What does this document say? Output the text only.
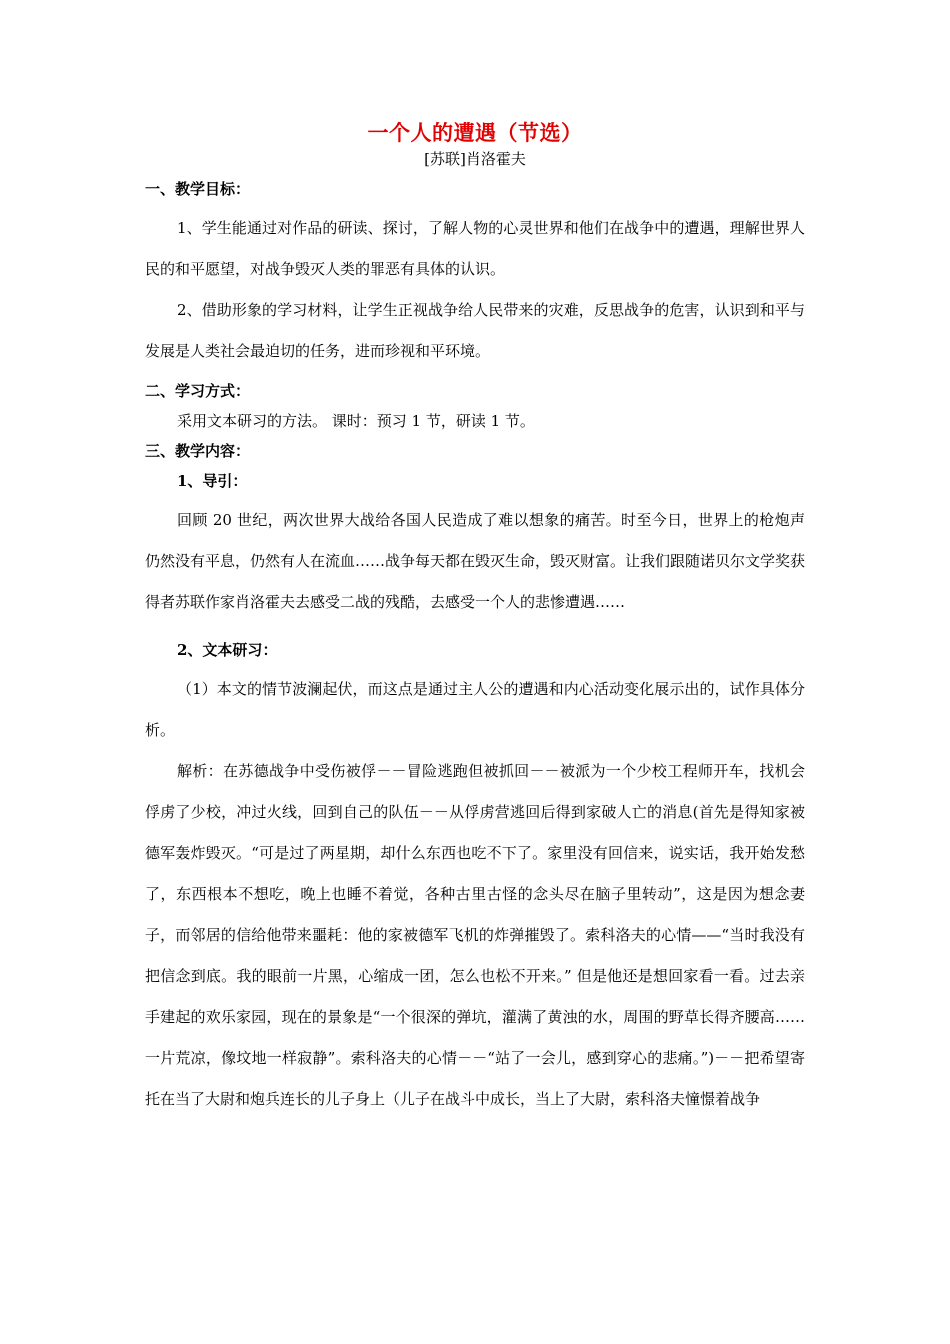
一个人的遭遇（节选）

[苏联]肖洛霍夫

一、教学目标：

1、学生能通过对作品的研读、探讨，了解人物的心灵世界和他们在战争中的遭遇，理解世界人民的和平愿望，对战争毁灭人类的罪恶有具体的认识。

2、借助形象的学习材料，让学生正视战争给人民带来的灾难，反思战争的危害，认识到和平与发展是人类社会最迫切的任务，进而珍视和平环境。

二、学习方式：

采用文本研习的方法。 课时：预习 1 节，研读 1 节。

三、教学内容：

1、导引：

回顾 20 世纪，两次世界大战给各国人民造成了难以想象的痛苦。时至今日，世界上的枪炮声仍然没有平息，仍然有人在流血……战争每天都在毁灭生命，毁灭财富。让我们跟随诺贝尔文学奖获得者苏联作家肖洛霍夫去感受二战的残酷，去感受一个人的悲惨遭遇……

2、文本研习：

（1）本文的情节波澜起伏，而这点是通过主人公的遭遇和内心活动变化展示出的，试作具体分析。

解析：在苏德战争中受伤被俘－－冒险逃跑但被抓回－－被派为一个少校工程师开车，找机会俘虏了少校，冲过火线，回到自己的队伍－－从俘虏营逃回后得到家破人亡的消息(首先是得知家被德军轰炸毁灭。“可是过了两星期，却什么东西也吃不下了。家里没有回信来，说实话，我开始发愁了，东西根本不想吃，晚上也睡不着觉，各种古里古怪的念头尽在脑子里转动”，这是因为想念妻子，而邻居的信给他带来噩耗：他的家被德军飞机的炸弹摧毁了。索科洛夫的心情——“当时我没有把信念到底。我的眼前一片黑，心缩成一团，怎么也松不开来。” 但是他还是想回家看一看。过去亲手建起的欢乐家园，现在的景象是“一个很深的弹坑，灌满了黄浊的水，周围的野草长得齐腰高……一片荒凉，像坟地一样寂静”。索科洛夫的心情－－“站了一会儿，感到穿心的悲痛。”)－－把希望寄托在当了大尉和炮兵连长的儿子身上（儿子在战斗中成长，当上了大尉，索科洛夫憧憬着战争
